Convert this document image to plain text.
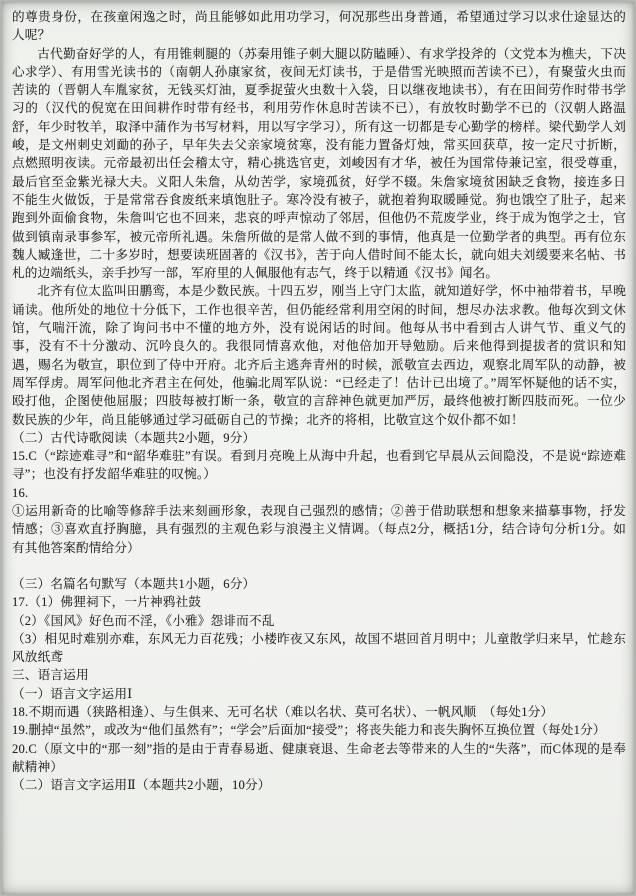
的尊贵身份，在孩童闲逸之时，尚且能够如此用功学习，何况那些出身普通，希望通过学习以求仕途显达的人呢？

古代勤奋好学的人，有用锥刺腿的（苏秦用锥子刺大腿以防瞌睡）、有求学投斧的（文党本为樵夫，下决心求学）、有用雪光读书的（南朝人孙康家贫，夜间无灯读书，于是借雪光映照而苦读不已），有聚萤火虫而苦读的（晋朝人车胤家贫，无钱买灯油，夏季捉萤火虫数十入袋，日以继夜地读书），有在田间劳作时带书学习的（汉代的倪宽在田间耕作时带有经书，利用劳作休息时苦读不已），有放牧时勤学不已的（汉朝人路温舒，年少时牧羊，取泽中蒲作为书写材料，用以写字学习），所有这一切都是专心勤学的榜样。梁代勤学人刘峻，是文州刺史刘勔的孙子，早年失去父亲家境贫寒，没有能力置备灯烛，常买回获草，按一定尺寸折断，点燃照明夜读。元帝最初出任会稽太守，精心挑选官吏，刘峻因有才华，被任为国常侍兼记室，很受尊重，最后官至金紫光禄大夫。义阳人朱詹，从幼苦学，家境孤贫，好学不辍。朱詹家境贫困缺乏食物，接连多日不能生火做饭，于是常常吞食废纸来填饱肚子。寒冷没有被子，就抱着狗取暖睡觉。狗也饿空了肚子，起来跑到外面偷食物，朱詹叫它也不回来，悲哀的呼声惊动了邻居，但他仍不荒废学业，终于成为饱学之士，官做到镇南录事参军，被元帝所礼遇。朱詹所做的是常人做不到的事情，他真是一位勤学者的典型。再有位东魏人臧逢世，二十多岁时，想要读班固著的《汉书》，苦于向人借时间不能太长，就向姐夫刘缓要来名帖、书札的边端纸头，亲手抄写一部，军府里的人佩服他有志气，终于以精通《汉书》闻名。

北齐有位太监叫田鹏鸾，本是少数民族。十四五岁，刚当上守门太监，就知道好学，怀中袖带着书，早晚诵读。他所处的地位十分低下，工作也很辛苦，但仍能经常利用空闲的时间，想尽办法求教。他每次到文休馆，气喘汗流，除了询问书中不懂的地方外，没有说闲话的时间。他每从书中看到古人讲气节、重义气的事，没有不十分激动、沉吟良久的。我很同情喜欢他，对他倍加开导勉励。后来他得到提拔者的赏识和知遇，赐名为敬宣，职位到了侍中开府。北齐后主逃奔青州的时候，派敬宣去西边，观察北周军队的动静，被周军俘虏。周军问他北齐君主在何处，他骗北周军队说：“已经走了！估计已出境了。”周军怀疑他的话不实，殴打他，企图使他屈服；四肢每被打断一条，敬宣的言辞神色就更加严厉，最终他被打断四肢而死。一位少数民族的少年，尚且能够通过学习砥砺自己的节操；北齐的将相，比敬宣这个奴仆都不如！

（二）古代诗歌阅读（本题共2小题，9分）

15.C（“踪迹难寻”和“韶华难驻”有误。看到月亮晚上从海中升起，也看到它早晨从云间隐没，不是说“踪迹难寻”；也没有抒发韶华难驻的叹惋。）

16.

①运用新奇的比喻等修辞手法来刻画形象，表现自己强烈的感情；②善于借助联想和想象来描摹事物，抒发情感；③喜欢直抒胸臆，具有强烈的主观色彩与浪漫主义情调。（每点2分，概括1分，结合诗句分析1分。如有其他答案酌情给分）

（三）名篇名句默写（本题共1小题，6分）

17.（1）佛狸祠下，一片神鸦社鼓

（2）《国风》好色而不淫，《小雅》怨诽而不乱

（3）相见时难别亦难，东风无力百花残；小楼昨夜又东风，故国不堪回首月明中；儿童散学归来早，忙趁东风放纸鸢

三、语言运用

（一）语言文字运用Ⅰ

18.不期而遇（狭路相逢）、与生俱来、无可名状（难以名状、莫可名状）、一帆风顺　（每处1分）

19.删掉“虽然”，或改为“他们虽然有”；“学会”后面加“接受”；将丧失能力和丧失胸怀互换位置（每处1分）

20.C（原文中的“那一刻”指的是由于青春易逝、健康衰退、生命老去等带来的人生的“失落”，而C体现的是奉献精神）

（二）语言文字运用Ⅱ（本题共2小题，10分）
